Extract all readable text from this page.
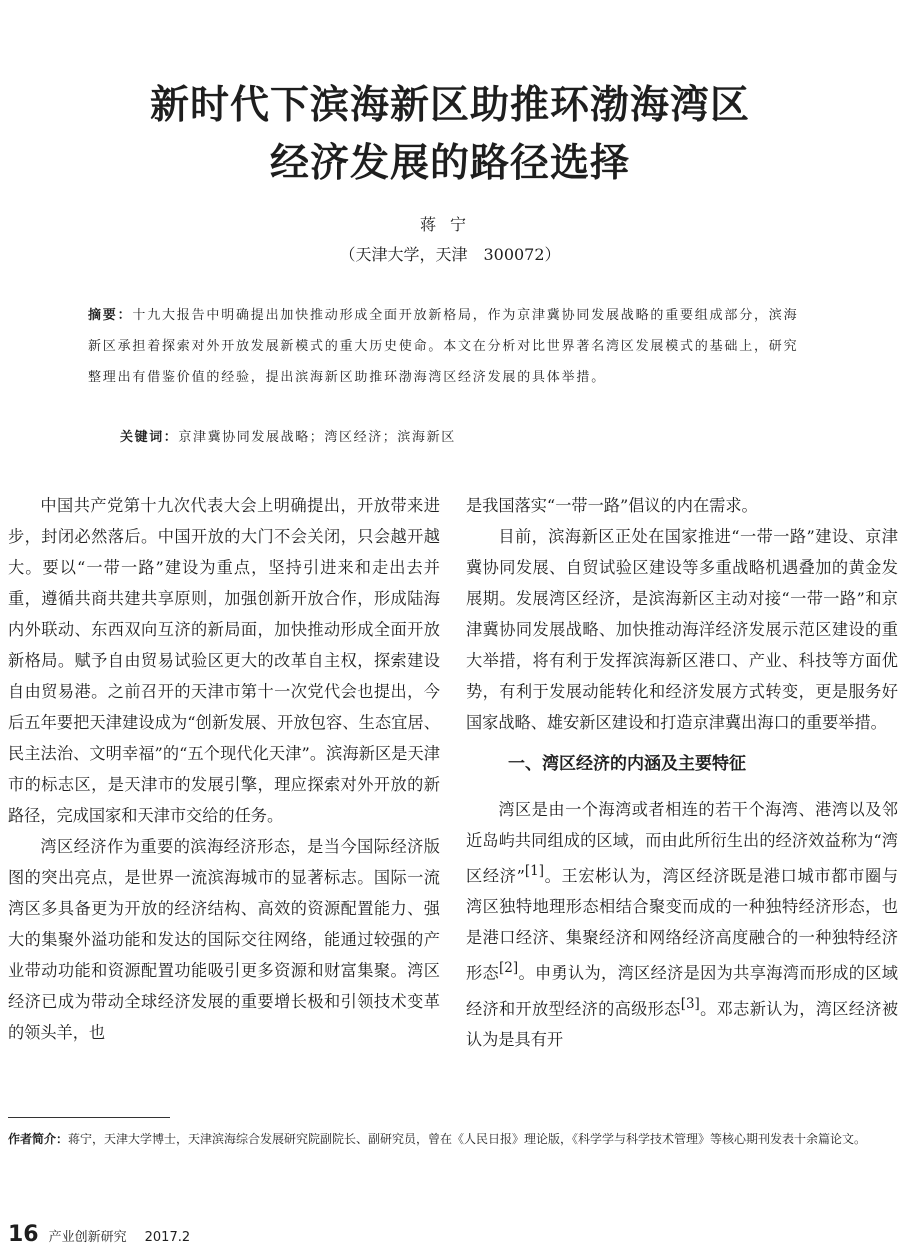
新时代下滨海新区助推环渤海湾区
经济发展的路径选择
蒋宁
（天津大学，天津　300072）

摘要：十九大报告中明确提出加快推动形成全面开放新格局，作为京津冀协同发展战略的重要组成部分，滨海新区承担着探索对外开放发展新模式的重大历史使命。本文在分析对比世界著名湾区发展模式的基础上，研究整理出有借鉴价值的经验，提出滨海新区助推环渤海湾区经济发展的具体举措。

关键词：京津冀协同发展战略；湾区经济；滨海新区

中国共产党第十九次代表大会上明确提出，开放带来进步，封闭必然落后。中国开放的大门不会关闭，只会越开越大。要以“一带一路”建设为重点，坚持引进来和走出去并重，遵循共商共建共享原则，加强创新开放合作，形成陆海内外联动、东西双向互济的新局面，加快推动形成全面开放新格局。赋予自由贸易试验区更大的改革自主权，探索建设自由贸易港。之前召开的天津市第十一次党代会也提出，今后五年要把天津建设成为“创新发展、开放包容、生态宜居、民主法治、文明幸福”的“五个现代化天津”。滨海新区是天津市的标志区，是天津市的发展引擎，理应探索对外开放的新路径，完成国家和天津市交给的任务。

湾区经济作为重要的滨海经济形态，是当今国际经济版图的突出亮点，是世界一流滨海城市的显著标志。国际一流湾区多具备更为开放的经济结构、高效的资源配置能力、强大的集聚外溢功能和发达的国际交往网络，能通过较强的产业带动功能和资源配置功能吸引更多资源和财富集聚。湾区经济已成为带动全球经济发展的重要增长极和引领技术变革的领头羊，也

是我国落实“一带一路”倡议的内在需求。

目前，滨海新区正处在国家推进“一带一路”建设、京津冀协同发展、自贸试验区建设等多重战略机遇叠加的黄金发展期。发展湾区经济，是滨海新区主动对接“一带一路”和京津冀协同发展战略、加快推动海洋经济发展示范区建设的重大举措，将有利于发挥滨海新区港口、产业、科技等方面优势，有利于发展动能转化和经济发展方式转变，更是服务好国家战略、雄安新区建设和打造京津冀出海口的重要举措。

一、湾区经济的内涵及主要特征

湾区是由一个海湾或者相连的若干个海湾、港湾以及邻近岛屿共同组成的区域，而由此所衍生出的经济效益称为“湾区经济”[1]。王宏彬认为，湾区经济既是港口城市都市圈与湾区独特地理形态相结合聚变而成的一种独特经济形态，也是港口经济、集聚经济和网络经济高度融合的一种独特经济形态[2]。申勇认为，湾区经济是因为共享海湾而形成的区域经济和开放型经济的高级形态[3]。邓志新认为，湾区经济被认为是具有开

作者简介：蒋宁，天津大学博士，天津滨海综合发展研究院副院长、副研究员，曾在《人民日报》理论版，《科学学与科学技术管理》等核心期刊发表十余篇论文。

16 产业创新研究 2017.2
